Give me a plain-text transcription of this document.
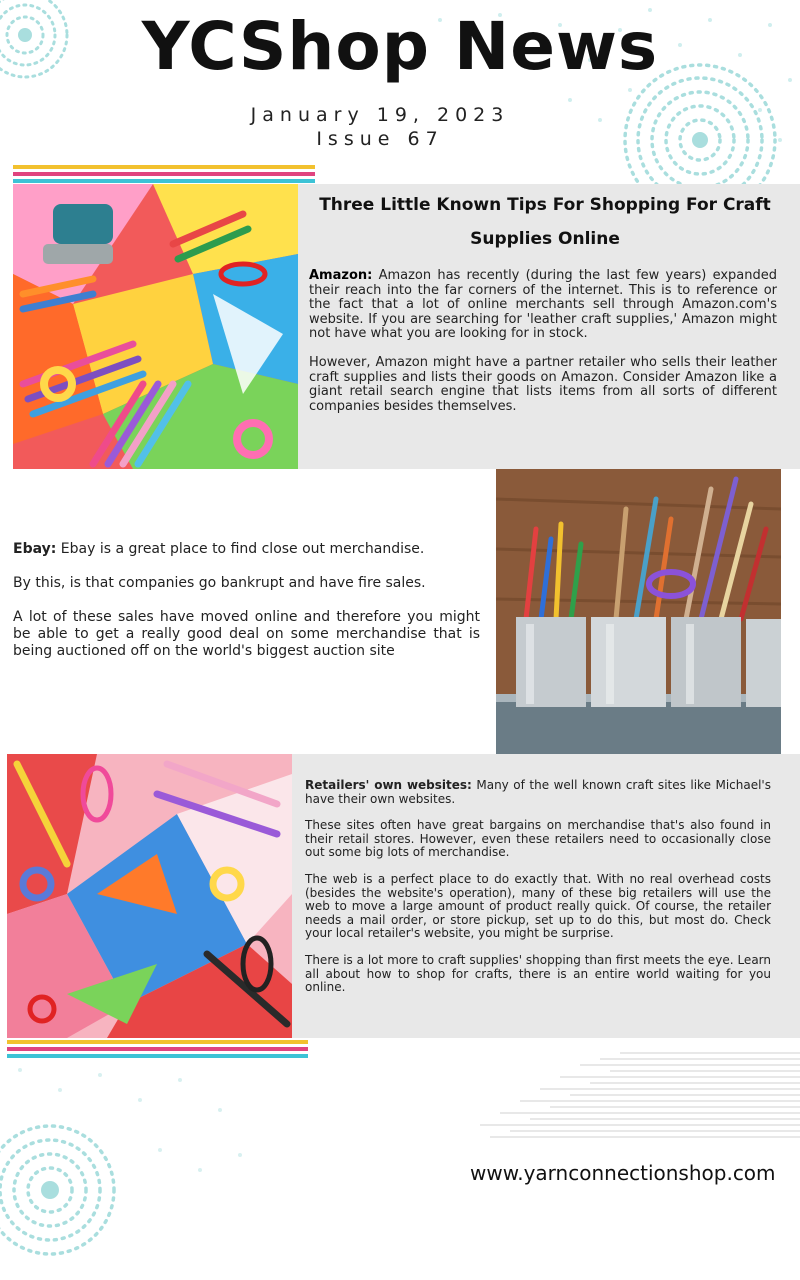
YCShop News
January 19, 2023
Issue 67
Three Little Known Tips For Shopping For Craft Supplies Online

Amazon: Amazon has recently (during the last few years) expanded their reach into the far corners of the internet. This is to reference or the fact that a lot of online merchants sell through Amazon.com's website. If you are searching for 'leather craft supplies,' Amazon might not have what you are looking for in stock.

However, Amazon might have a partner retailer who sells their leather craft supplies and lists their goods on Amazon. Consider Amazon like a giant retail search engine that lists items from all sorts of different companies besides themselves.

Ebay: Ebay is a great place to find close out merchandise.

By this, is that companies go bankrupt and have fire sales.

A lot of these sales have moved online and therefore you might be able to get a really good deal on some merchandise that is being auctioned off on the world's biggest auction site

Retailers' own websites: Many of the well known craft sites like Michael's have their own websites.

These sites often have great bargains on merchandise that's also found in their retail stores. However, even these retailers need to occasionally close out some big lots of merchandise.

The web is a perfect place to do exactly that. With no real overhead costs (besides the website's operation), many of these big retailers will use the web to move a large amount of product really quick. Of course, the retailer needs a mail order, or store pickup, set up to do this, but most do. Check your local retailer's website, you might be surprise.

There is a lot more to craft supplies' shopping than first meets the eye. Learn all about how to shop for crafts, there is an entire world waiting for you online.

www.yarnconnectionshop.com
